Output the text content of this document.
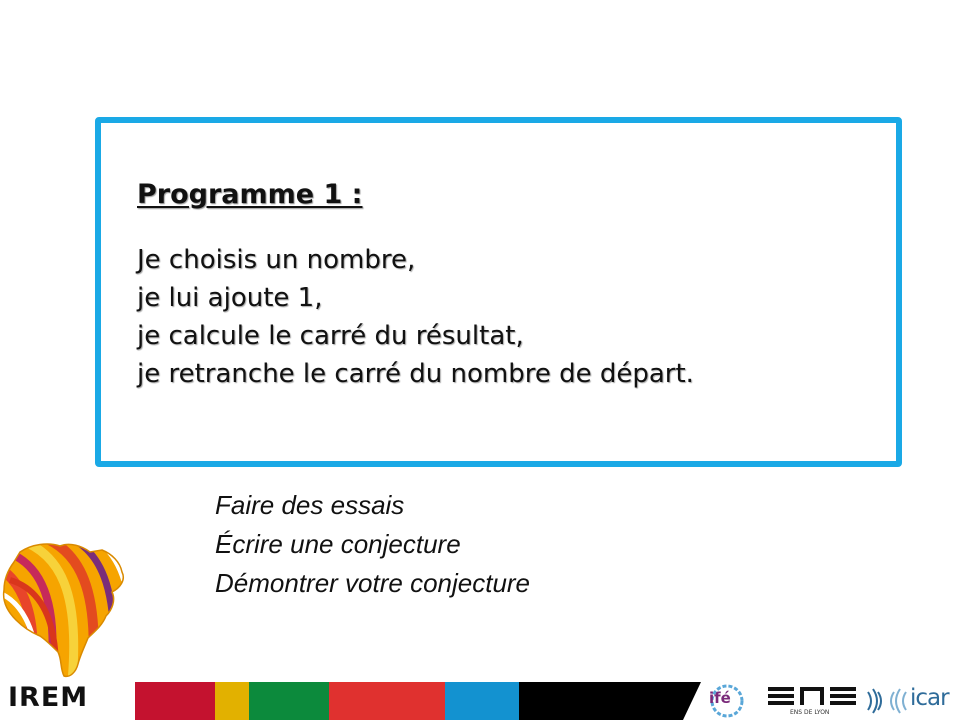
Programme 1 :
Je choisis un nombre,
je lui ajoute 1,
je calcule le carré du résultat,
je retranche le carré du nombre de départ.
Faire des essais
Écrire une conjecture
Démontrer votre conjecture
IREM	ifé
ENS DE LYON
icar
